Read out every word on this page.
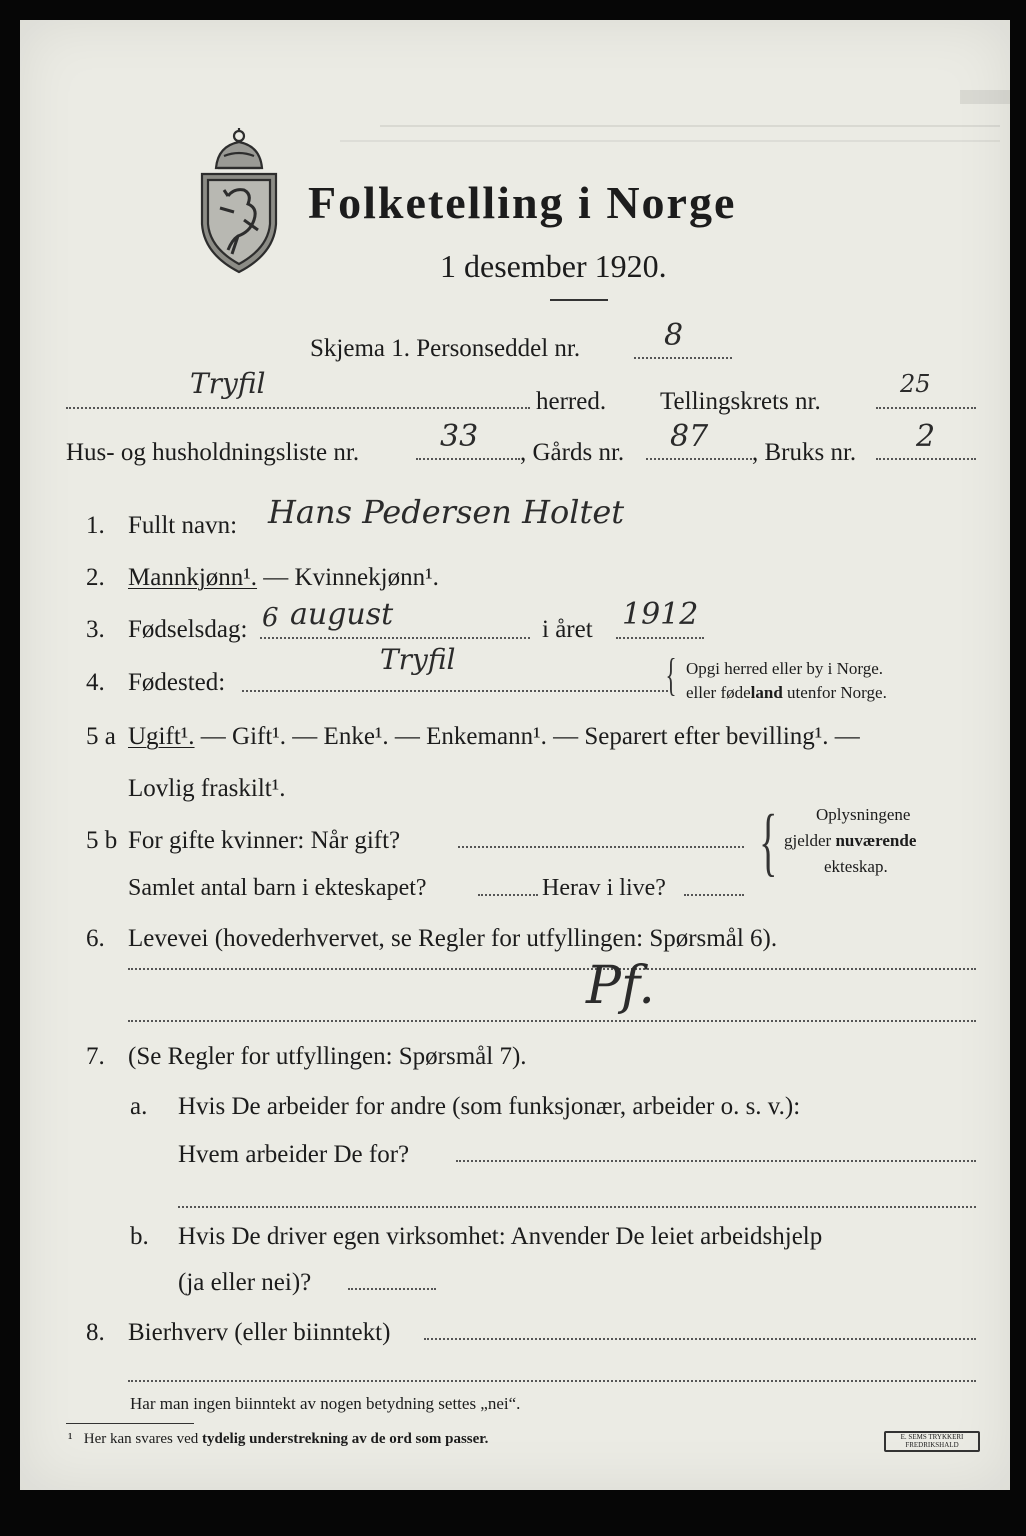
Folketelling i Norge
1 desember 1920.
Skjema 1. Personseddel nr.	8
Tryfil
herred. Tellingskrets nr.
25
Hus- og husholdningsliste nr.	33 , Gårds nr. 87 , Bruks nr. 2
1. Fullt navn: Hans Pedersen Holtet
2. Mannkjønn¹. — Kvinnekjønn¹.
3. Fødselsdag: 6 august	i året 1912
4. Fødested:
Tryfil	{ Opgi herred eller by i Norge.
eller fødeland utenfor Norge.
5 a Ugift¹. — Gift¹. — Enke¹. — Enkemann¹. — Separert efter bevilling¹. —
Lovlig fraskilt¹.
5 b For gifte kvinner: Når gift?
Samlet antal barn i ekteskapet?	Herav i live?
{ Oplysningene
gjelder nuværende
ekteskap.
6. Levevei (hovederhvervet, se Regler for utfyllingen: Spørsmål 6).
Pf.
7. (Se Regler for utfyllingen: Spørsmål 7).
a. Hvis De arbeider for andre (som funksjonær, arbeider o. s. v.):
Hvem arbeider De for?
b. Hvis De driver egen virksomhet: Anvender De leiet arbeidshjelp
(ja eller nei)?
8. Bierhverv (eller biinntekt)
Har man ingen biinntekt av nogen betydning settes „nei“.
¹ Her kan svares ved tydelig understrekning av de ord som passer.	E. SEMS TRYKKERI
FREDRIKSHALD
